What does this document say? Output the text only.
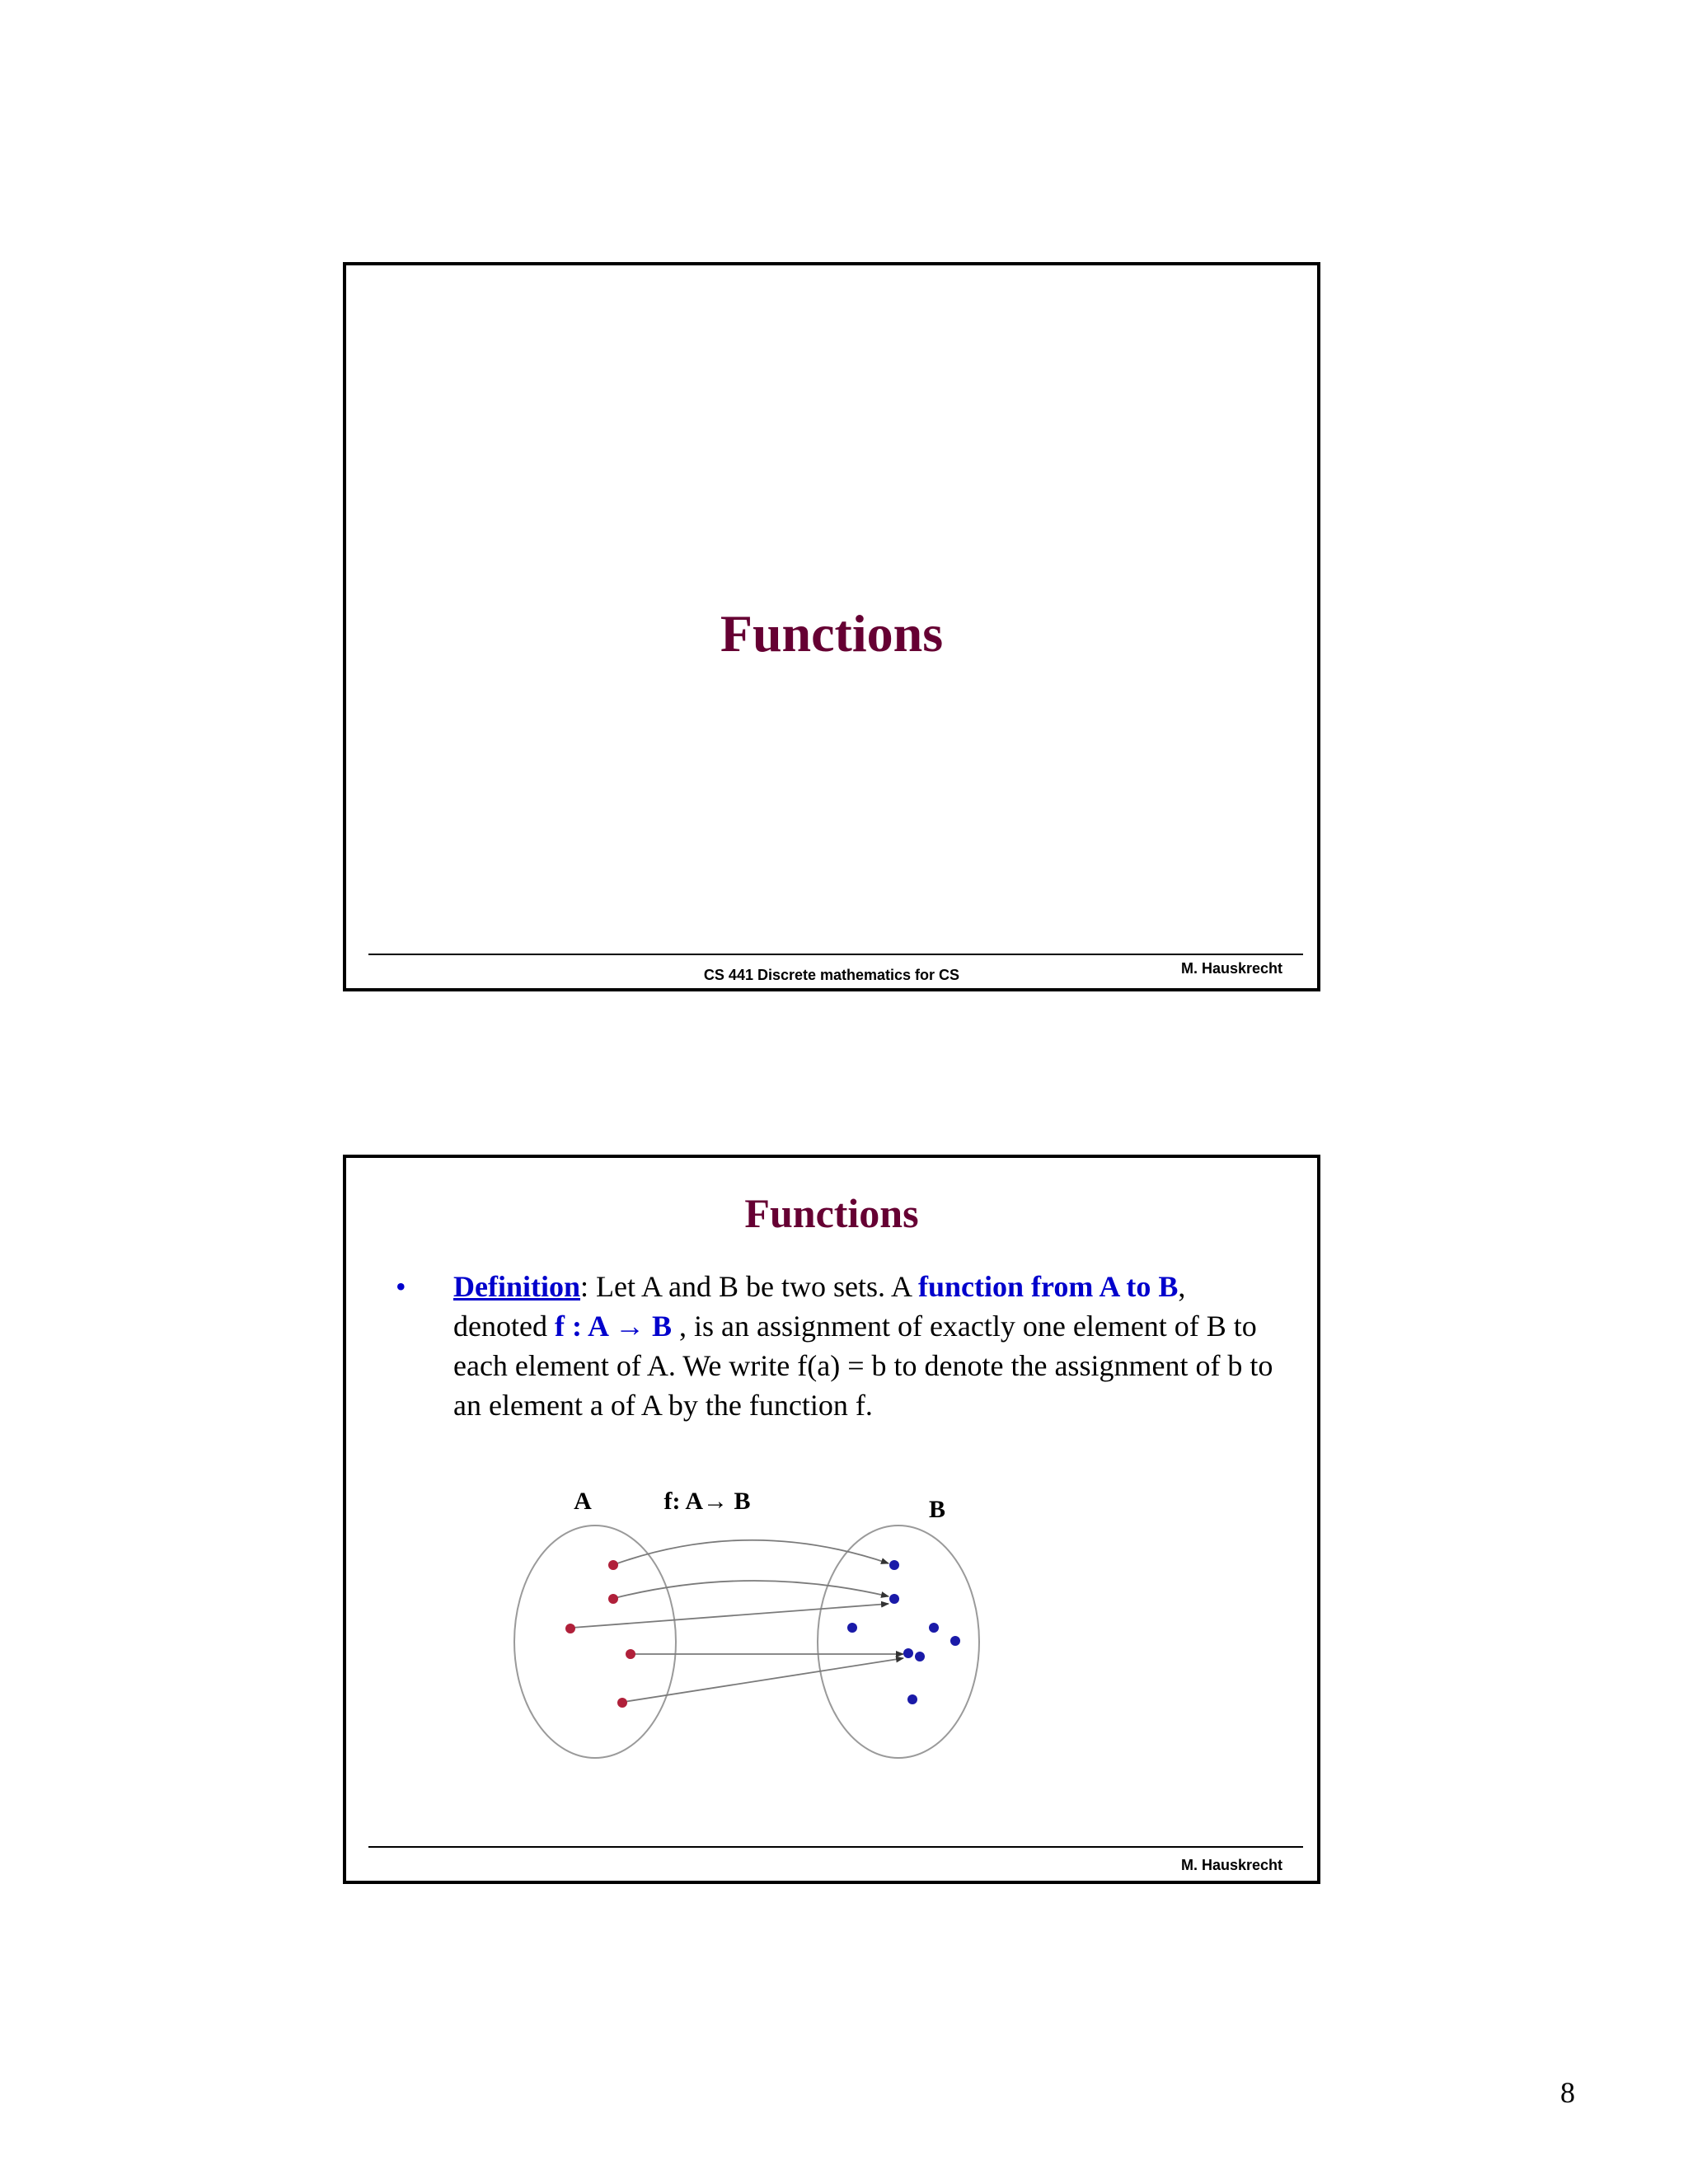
Functions
CS 441 Discrete mathematics for CS	M. Hauskrecht
Functions
• Definition: Let A and B be two sets. A function from A to B, denoted f : A → B , is an assignment of exactly one element of B to each element of A. We write f(a) = b to denote the assignment of b to an element a of A by the function f.
A	f: A→ B	B
M. Hauskrecht
8
